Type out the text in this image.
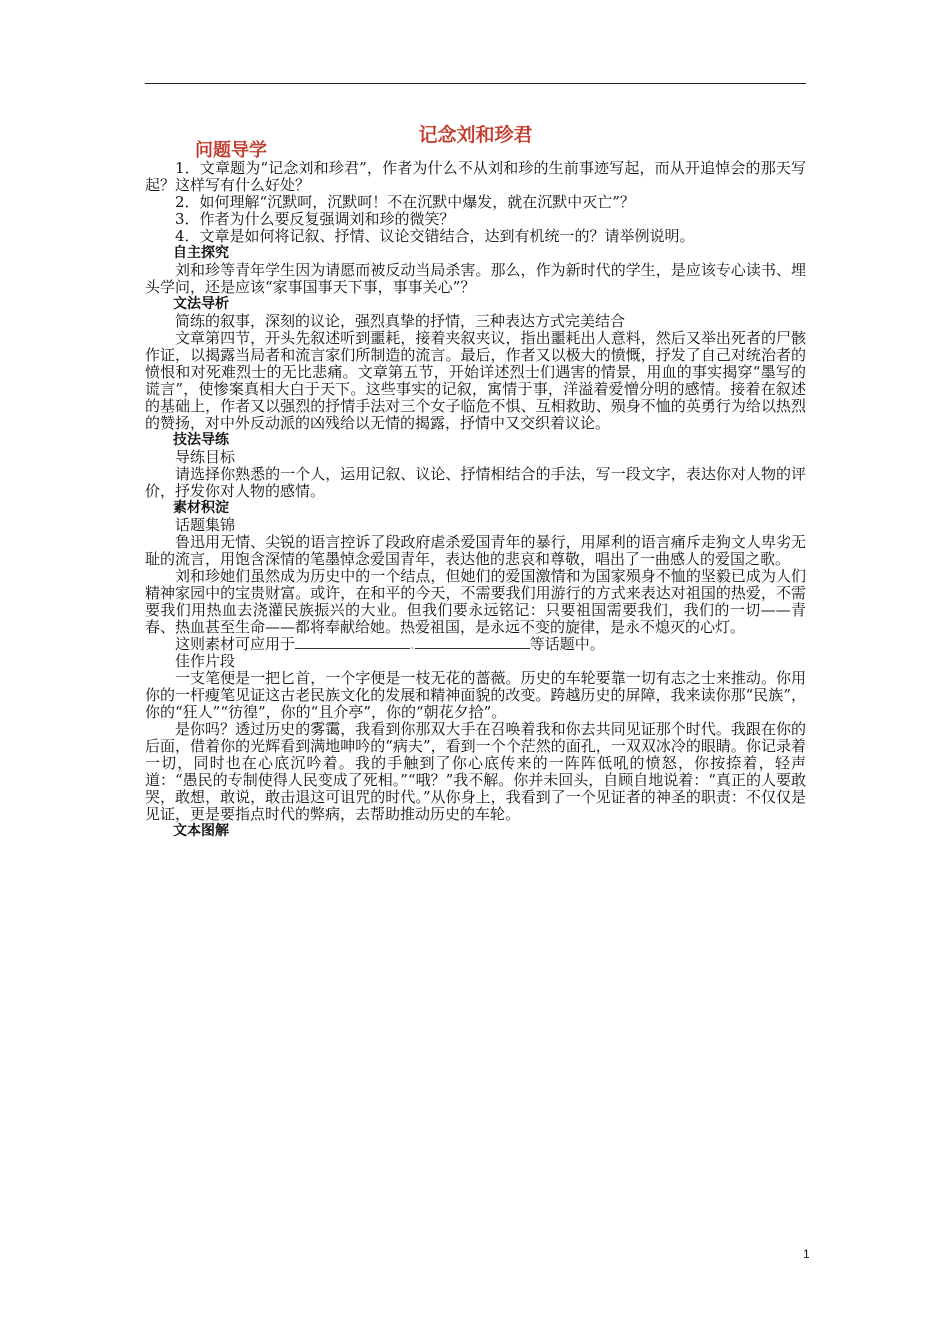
记念刘和珍君
问题导学

1．文章题为“记念刘和珍君”，作者为什么不从刘和珍的生前事迹写起，而从开追悼会的那天写起？这样写有什么好处？

2．如何理解“沉默呵，沉默呵！不在沉默中爆发，就在沉默中灭亡”？

3．作者为什么要反复强调刘和珍的微笑？

4．文章是如何将记叙、抒情、议论交错结合，达到有机统一的？请举例说明。

自主探究

刘和珍等青年学生因为请愿而被反动当局杀害。那么，作为新时代的学生，是应该专心读书、埋头学问，还是应该“家事国事天下事，事事关心”？

文法导析

简练的叙事，深刻的议论，强烈真挚的抒情，三种表达方式完美结合

文章第四节，开头先叙述听到噩耗，接着夹叙夹议，指出噩耗出人意料，然后又举出死者的尸骸作证，以揭露当局者和流言家们所制造的流言。最后，作者又以极大的愤慨，抒发了自己对统治者的愤恨和对死难烈士的无比悲痛。文章第五节，开始详述烈士们遇害的情景，用血的事实揭穿“墨写的谎言”，使惨案真相大白于天下。这些事实的记叙，寓情于事，洋溢着爱憎分明的感情。接着在叙述的基础上，作者又以强烈的抒情手法对三个女子临危不惧、互相救助、殒身不恤的英勇行为给以热烈的赞扬，对中外反动派的凶残给以无情的揭露，抒情中又交织着议论。

技法导练

导练目标

请选择你熟悉的一个人，运用记叙、议论、抒情相结合的手法，写一段文字，表达你对人物的评价，抒发你对人物的感情。

素材积淀

话题集锦

鲁迅用无情、尖锐的语言控诉了段政府虐杀爱国青年的暴行，用犀利的语言痛斥走狗文人卑劣无耻的流言，用饱含深情的笔墨悼念爱国青年，表达他的悲哀和尊敬，唱出了一曲感人的爱国之歌。

刘和珍她们虽然成为历史中的一个结点，但她们的爱国激情和为国家殒身不恤的坚毅已成为人们精神家园中的宝贵财富。或许，在和平的今天，不需要我们用游行的方式来表达对祖国的热爱，不需要我们用热血去浇灌民族振兴的大业。但我们要永远铭记：只要祖国需要我们，我们的一切——青春、热血甚至生命——都将奉献给她。热爱祖国，是永远不变的旋律，是永不熄灭的心灯。

这则素材可应用于	.	等话题中。

佳作片段

一支笔便是一把匕首，一个字便是一枝无花的蔷薇。历史的车轮要靠一切有志之士来推动。你用你的一杆瘦笔见证这古老民族文化的发展和精神面貌的改变。跨越历史的屏障，我来读你那“民族”，你的“狂人”“彷徨”，你的“且介亭”，你的“朝花夕拾”。

是你吗？透过历史的雾霭，我看到你那双大手在召唤着我和你去共同见证那个时代。我跟在你的后面，借着你的光辉看到满地呻吟的“病夫”，看到一个个茫然的面孔，一双双冰冷的眼睛。你记录着一切，同时也在心底沉吟着。我的手触到了你心底传来的一阵阵低吼的愤怒，你按捺着，轻声道：“愚民的专制使得人民变成了死相。”“哦？”我不解。你并未回头，自顾自地说着：“真正的人要敢哭，敢想，敢说，敢击退这可诅咒的时代。”从你身上，我看到了一个见证者的神圣的职责：不仅仅是见证，更是要指点时代的弊病，去帮助推动历史的车轮。

文本图解

1
